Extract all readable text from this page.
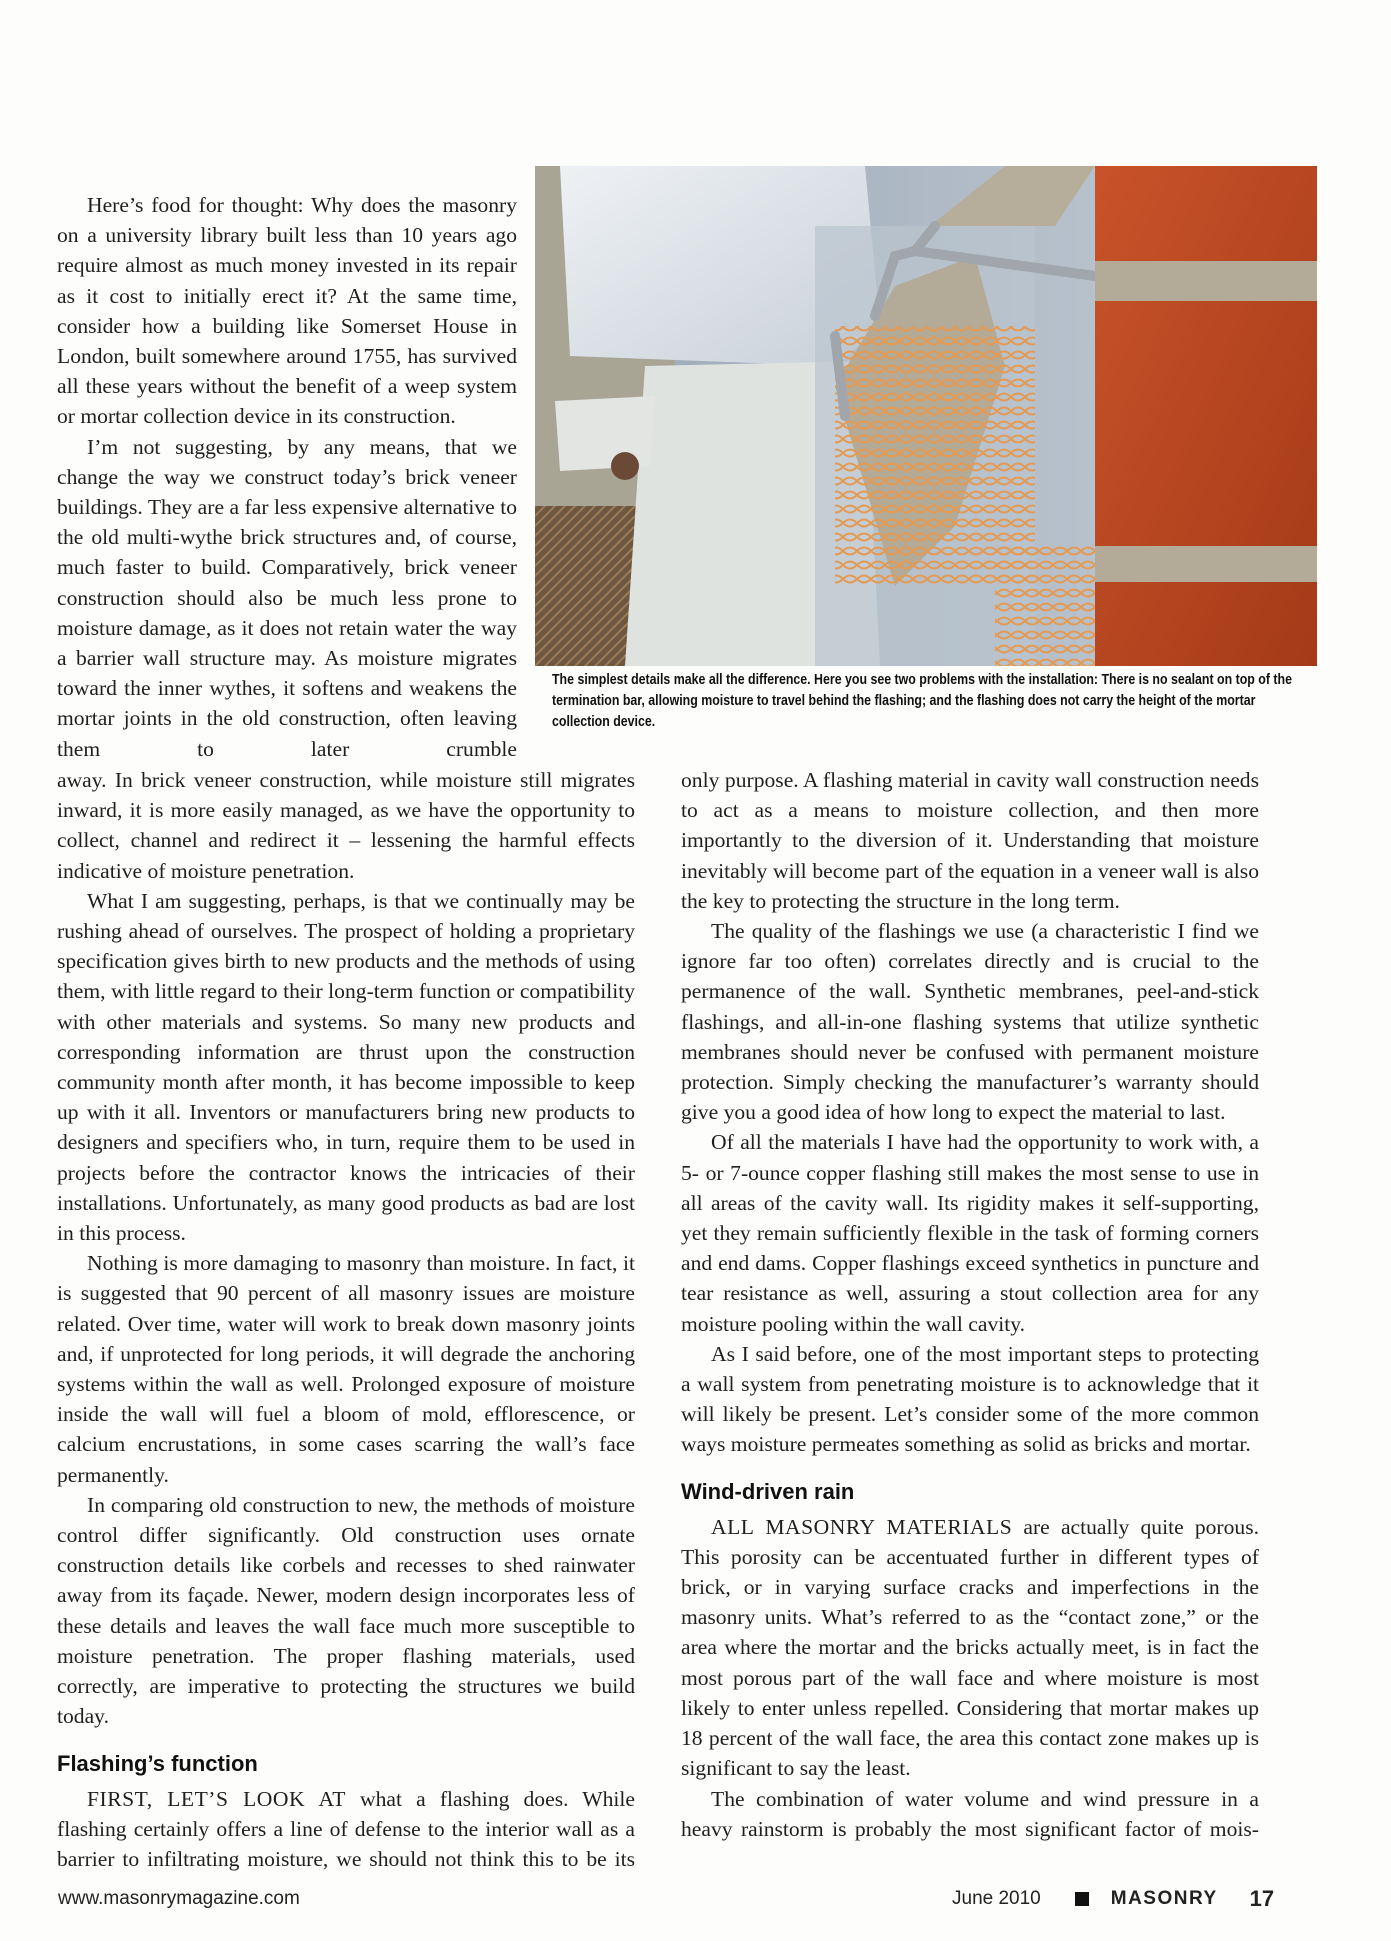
The simplest details make all the difference. Here you see two problems with the installation: There is no sealant on top of the termination bar, allowing moisture to travel behind the flashing; and the flashing does not carry the height of the mortar collection device.

Here’s food for thought: Why does the masonry on a university library built less than 10 years ago require almost as much money invested in its repair as it cost to initially erect it? At the same time, consider how a building like Somerset House in London, built somewhere around 1755, has survived all these years without the benefit of a weep system or mortar collection device in its construction.

I’m not suggesting, by any means, that we change the way we construct today’s brick veneer buildings. They are a far less expensive alternative to the old multi-wythe brick structures and, of course, much faster to build. Comparatively, brick veneer construction should also be much less prone to moisture damage, as it does not retain water the way a barrier wall structure may. As moisture migrates toward the inner wythes, it softens and weakens the mortar joints in the old construction, often leaving them to later crumble

away. In brick veneer construction, while moisture still migrates inward, it is more easily managed, as we have the opportunity to collect, channel and redirect it – lessening the harmful effects indicative of moisture penetration.

What I am suggesting, perhaps, is that we continually may be rushing ahead of ourselves. The prospect of holding a proprietary specification gives birth to new products and the methods of using them, with little regard to their long-term function or compatibility with other materials and systems. So many new products and corresponding information are thrust upon the construction community month after month, it has become impossible to keep up with it all. Inventors or manufacturers bring new products to designers and specifiers who, in turn, require them to be used in projects before the contractor knows the intricacies of their installations. Unfortunately, as many good products as bad are lost in this process.

Nothing is more damaging to masonry than moisture. In fact, it is suggested that 90 percent of all masonry issues are moisture related. Over time, water will work to break down masonry joints and, if unprotected for long periods, it will degrade the anchoring systems within the wall as well. Prolonged exposure of moisture inside the wall will fuel a bloom of mold, efflorescence, or calcium encrustations, in some cases scarring the wall’s face permanently.

In comparing old construction to new, the methods of moisture control differ significantly. Old construction uses ornate construction details like corbels and recesses to shed rainwater away from its façade. Newer, modern design incorporates less of these details and leaves the wall face much more susceptible to moisture penetration. The proper flashing materials, used correctly, are imperative to protecting the structures we build today.

Flashing’s function

FIRST, LET’S LOOK AT what a flashing does. While flashing certainly offers a line of defense to the interior wall as a barrier to infiltrating moisture, we should not think this to be its

only purpose. A flashing material in cavity wall construction needs to act as a means to moisture collection, and then more importantly to the diversion of it. Understanding that moisture inevitably will become part of the equation in a veneer wall is also the key to protecting the structure in the long term.

The quality of the flashings we use (a characteristic I find we ignore far too often) correlates directly and is crucial to the permanence of the wall. Synthetic membranes, peel-and-stick flashings, and all-in-one flashing systems that utilize synthetic membranes should never be confused with permanent moisture protection. Simply checking the manufacturer’s warranty should give you a good idea of how long to expect the material to last.

Of all the materials I have had the opportunity to work with, a 5- or 7-ounce copper flashing still makes the most sense to use in all areas of the cavity wall. Its rigidity makes it self-supporting, yet they remain sufficiently flexible in the task of forming corners and end dams. Copper flashings exceed synthetics in puncture and tear resistance as well, assuring a stout collection area for any moisture pooling within the wall cavity.

As I said before, one of the most important steps to protecting a wall system from penetrating moisture is to acknowledge that it will likely be present. Let’s consider some of the more common ways moisture permeates something as solid as bricks and mortar.

Wind-driven rain

ALL MASONRY MATERIALS are actually quite porous. This porosity can be accentuated further in different types of brick, or in varying surface cracks and imperfections in the masonry units. What’s referred to as the “contact zone,” or the area where the mortar and the bricks actually meet, is in fact the most porous part of the wall face and where moisture is most likely to enter unless repelled. Considering that mortar makes up 18 percent of the wall face, the area this contact zone makes up is significant to say the least.

The combination of water volume and wind pressure in a heavy rainstorm is probably the most significant factor of mois-

www.masonrymagazine.com	June 2010	MASONRY 17
